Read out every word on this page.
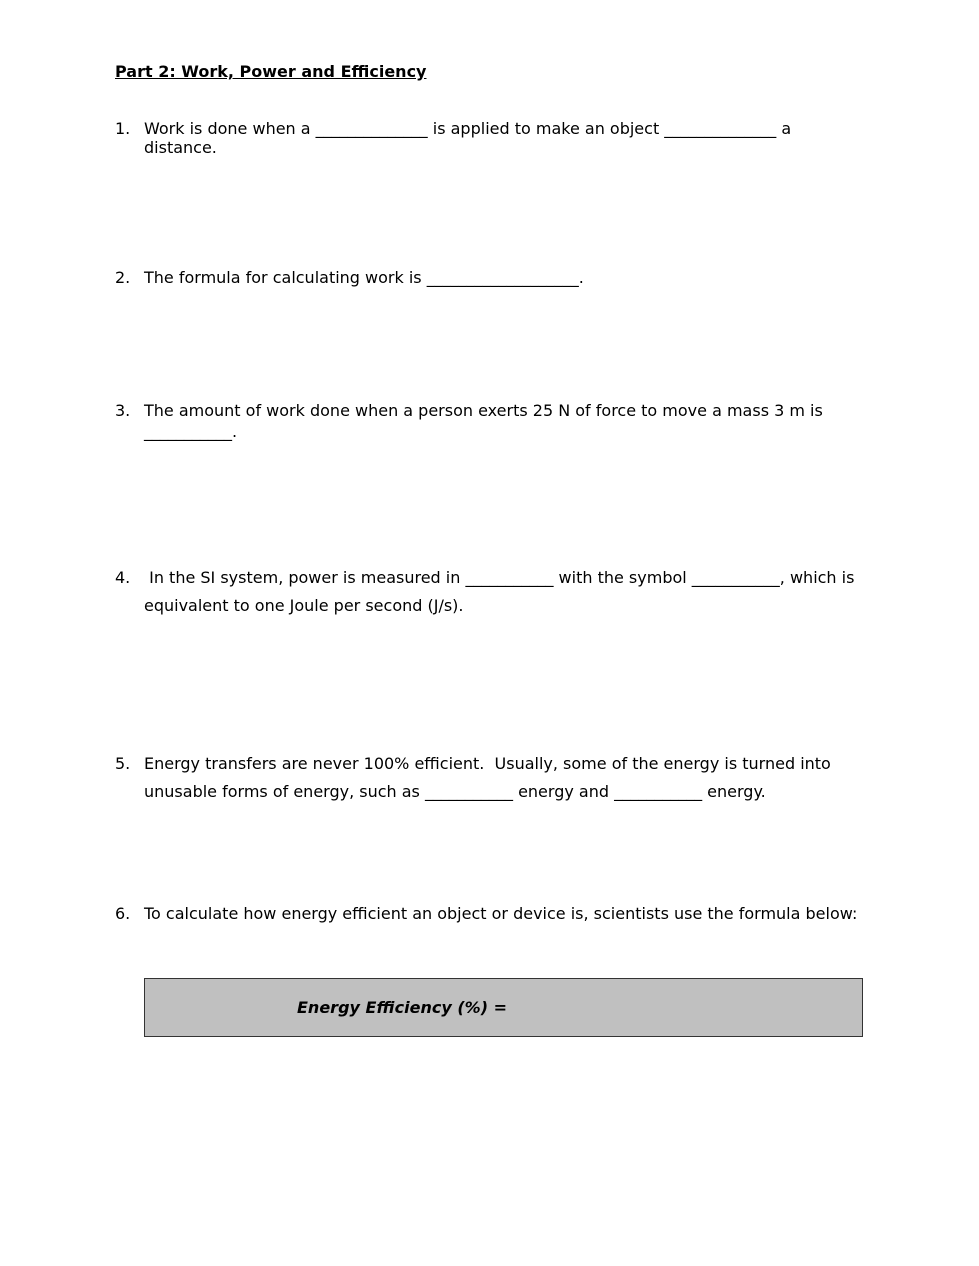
Part 2: Work, Power and Efficiency
1. Work is done when a ______________ is applied to make an object ______________ a distance.
2. The formula for calculating work is ___________________.
3. The amount of work done when a person exerts 25 N of force to move a mass 3 m is ___________.
4. In the SI system, power is measured in ___________ with the symbol ___________, which is equivalent to one Joule per second (J/s).
5. Energy transfers are never 100% efficient.  Usually, some of the energy is turned into unusable forms of energy, such as ___________ energy and ___________ energy.
6. To calculate how energy efficient an object or device is, scientists use the formula below:
Energy Efficiency (%) =
